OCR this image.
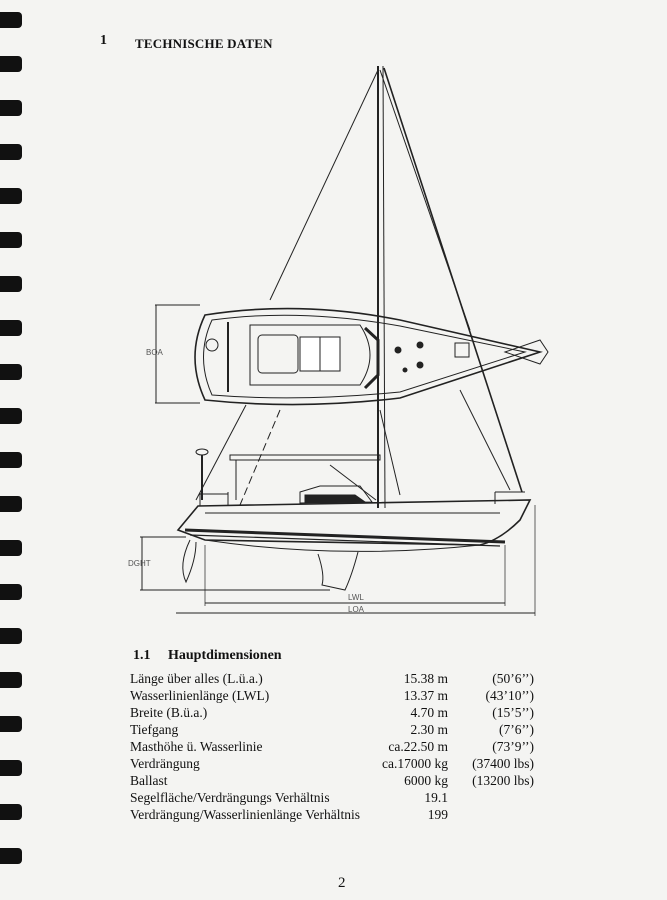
1 TECHNISCHE DATEN
BOA
DGHT
LWL
LOA
1.1 Hauptdimensionen
Länge über alles (L.ü.a.)	15.38 m	(50’6’’)
Wasserlinienlänge (LWL)	13.37 m	(43’10’’)
Breite (B.ü.a.)	4.70 m	(15’5’’)
Tiefgang	2.30 m	(7’6’’)
Masthöhe ü. Wasserlinie	ca.22.50 m	(73’9’’)
Verdrängung	ca.17000 kg	(37400 lbs)
Ballast	6000 kg	(13200 lbs)
Segelfläche/Verdrängungs Verhältnis	19.1	
Verdrängung/Wasserlinienlänge Verhältnis	199	
2
